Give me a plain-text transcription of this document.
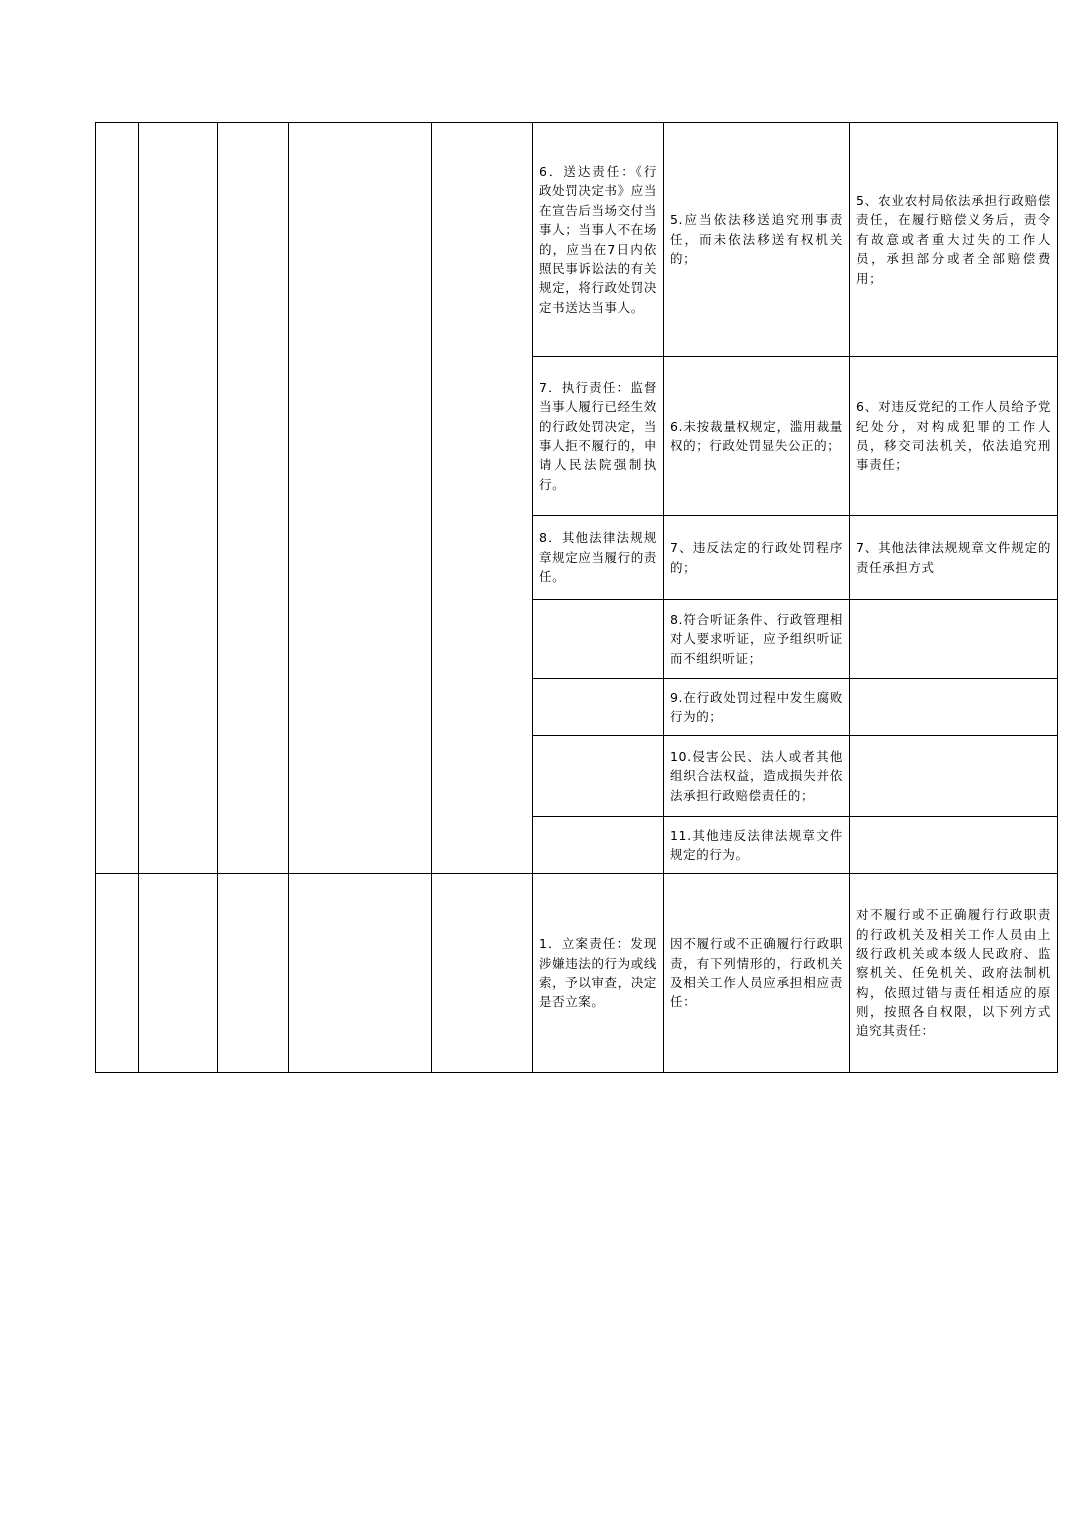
					6．送达责任：《行政处罚决定书》应当在宣告后当场交付当事人；当事人不在场的，应当在7日内依照民事诉讼法的有关规定，将行政处罚决定书送达当事人。	5.应当依法移送追究刑事责任，而未依法移送有权机关的；	5、农业农村局依法承担行政赔偿责任，在履行赔偿义务后，责令有故意或者重大过失的工作人员，承担部分或者全部赔偿费用；
					7．执行责任：监督当事人履行已经生效的行政处罚决定，当事人拒不履行的，申请人民法院强制执行。	6.未按裁量权规定，滥用裁量权的；行政处罚显失公正的；	6、对违反党纪的工作人员给予党纪处分，对构成犯罪的工作人员，移交司法机关，依法追究刑事责任；
					8．其他法律法规规章规定应当履行的责任。	7、违反法定的行政处罚程序的；	7、其他法律法规规章文件规定的责任承担方式
						8.符合听证条件、行政管理相对人要求听证，应予组织听证而不组织听证；	
						9.在行政处罚过程中发生腐败行为的；	
						10.侵害公民、法人或者其他组织合法权益，造成损失并依法承担行政赔偿责任的；	
						11.其他违反法律法规章文件规定的行为。	
					1．立案责任：发现涉嫌违法的行为或线索，予以审查，决定是否立案。	因不履行或不正确履行行政职责，有下列情形的，行政机关及相关工作人员应承担相应责任：	对不履行或不正确履行行政职责的行政机关及相关工作人员由上级行政机关或本级人民政府、监察机关、任免机关、政府法制机构，依照过错与责任相适应的原则，按照各自权限，以下列方式追究其责任：
